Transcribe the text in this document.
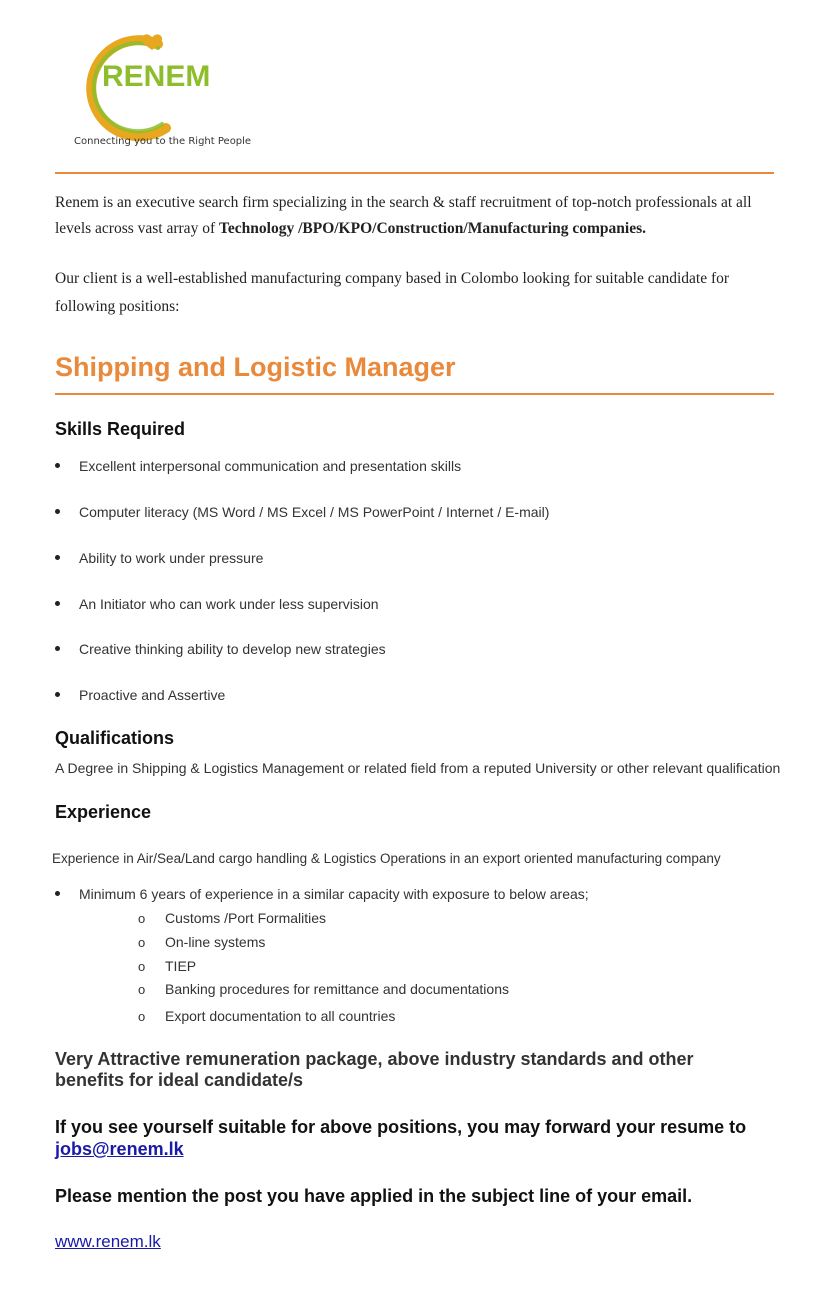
RENEM
Connecting you to the Right People
Renem is an executive search firm specializing in the search & staff recruitment of top-notch professionals at all levels across vast array of Technology /BPO/KPO/Construction/Manufacturing companies.
Our client is a well-established manufacturing company based in Colombo looking for suitable candidate for following positions:
Shipping and Logistic Manager
Skills Required
Excellent interpersonal communication and presentation skills
Computer literacy (MS Word / MS Excel / MS PowerPoint / Internet / E-mail)
Ability to work under pressure
An Initiator who can work under less supervision
Creative thinking ability to develop new strategies
Proactive and Assertive
Qualifications
A Degree in Shipping & Logistics Management or related field from a reputed University or other relevant qualification
Experience
Experience in Air/Sea/Land cargo handling & Logistics Operations in an export oriented manufacturing company
Minimum 6 years of experience in a similar capacity with exposure to below areas;
o Customs /Port Formalities
o On-line systems
o TIEP
o Banking procedures for remittance and documentations
o Export documentation to all countries
Very Attractive remuneration package, above industry standards and other benefits for ideal candidate/s
If you see yourself suitable for above positions, you may forward your resume to
jobs@renem.lk
Please mention the post you have applied in the subject line of your email.
www.renem.lk
